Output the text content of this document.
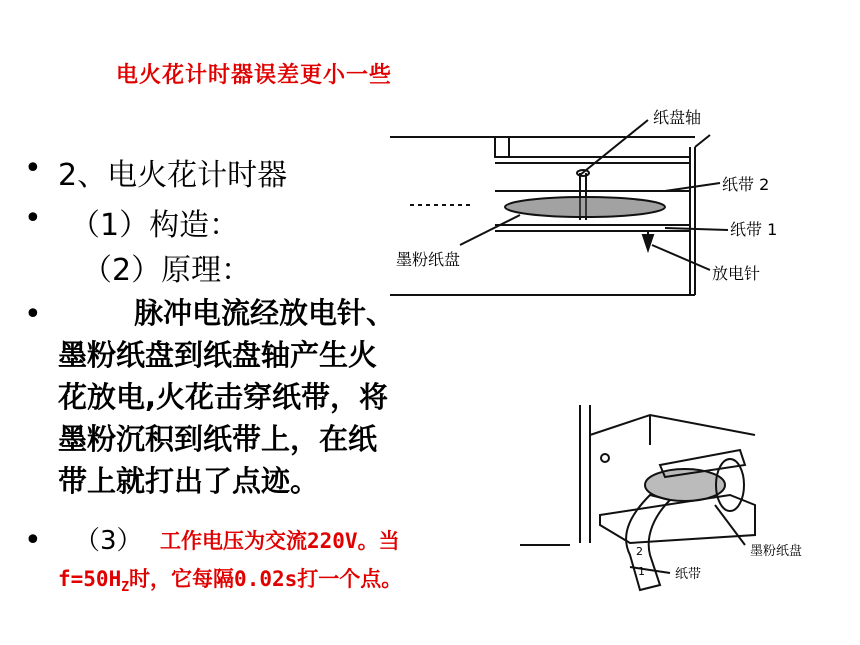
电火花计时器误差更小一些
• 2、电火花计时器
• （1）构造：
（2）原理：
•	脉冲电流经放电针、
墨粉纸盘到纸盘轴产生火
花放电,火花击穿纸带，将
墨粉沉积到纸带上，在纸
带上就打出了点迹。
• （3） 工作电压为交流220V。当
$f=50H_Z$时，它每隔0.02s打一个点。
纸盘轴
纸带 2
纸带 1
墨粉纸盘
放电针
墨粉纸盘
纸带
2
1
